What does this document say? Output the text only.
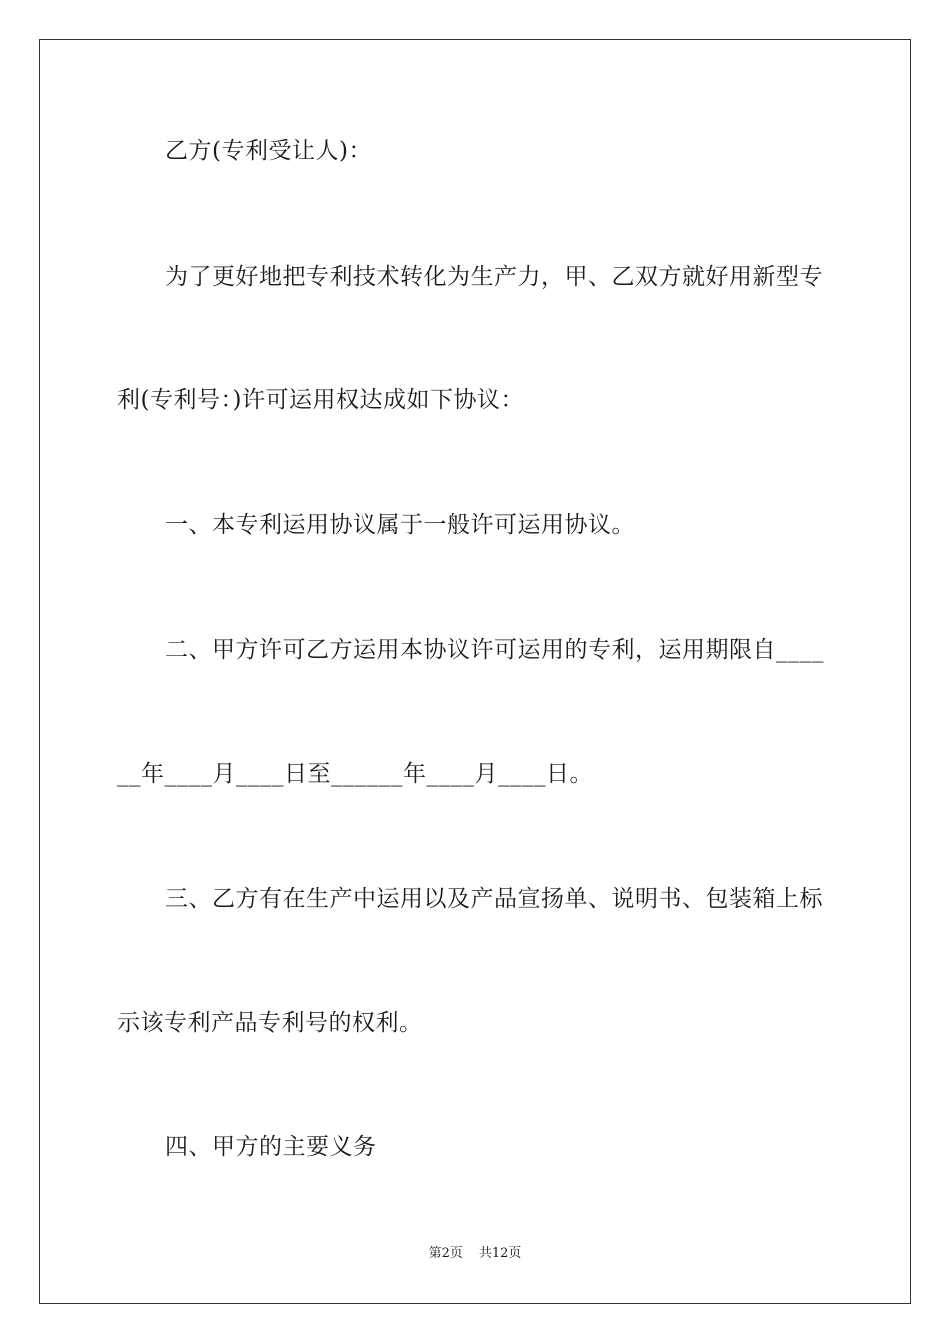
乙方(专利受让人)：
为了更好地把专利技术转化为生产力，甲、乙双方就好用新型专
利(专利号：)许可运用权达成如下协议：
一、本专利运用协议属于一般许可运用协议。
二、甲方许可乙方运用本协议许可运用的专利，运用期限自____
__年____月____日至______年____月____日。
三、乙方有在生产中运用以及产品宣扬单、说明书、包装箱上标
示该专利产品专利号的权利。
四、甲方的主要义务
第2页 共12页
